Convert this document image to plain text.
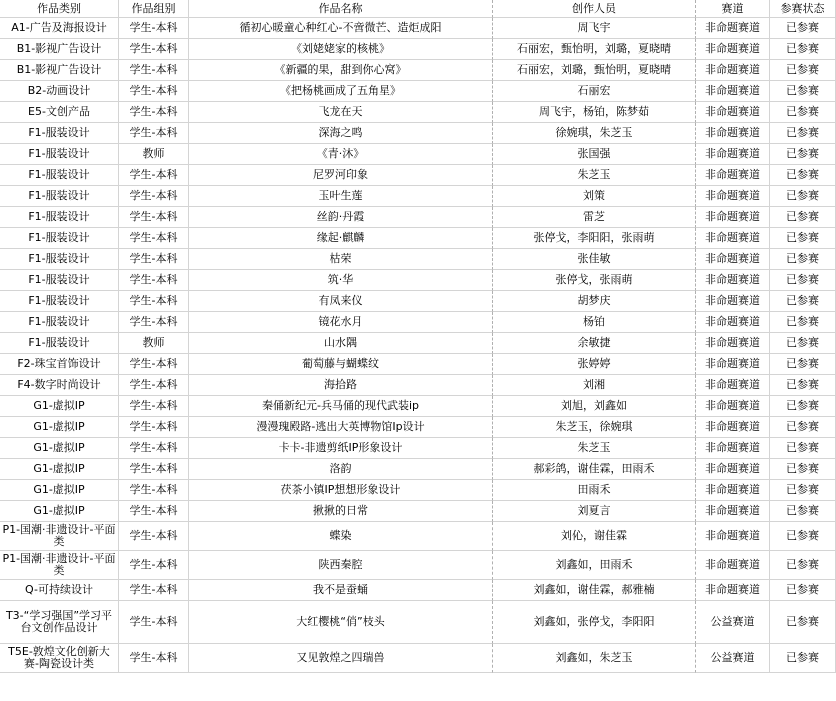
作品类别	作品组别	作品名称	创作人员	赛道	参赛状态
A1-广告及海报设计	学生-本科	循初心暖童心种红心-不啻微芒、造炬成阳	周飞宇	非命题赛道	已参赛
B1-影视广告设计	学生-本科	《刘姥姥家的核桃》	石丽宏，甄怡明，刘璐，夏晓晴	非命题赛道	已参赛
B1-影视广告设计	学生-本科	《新疆的果，甜到你心窝》	石丽宏，刘璐，甄怡明，夏晓晴	非命题赛道	已参赛
B2-动画设计	学生-本科	《把杨桃画成了五角星》	石丽宏	非命题赛道	已参赛
E5-文创产品	学生-本科	飞龙在天	周飞宇，杨铂，陈梦茹	非命题赛道	已参赛
F1-服装设计	学生-本科	深海之鸣	徐婉琪，朱芝玉	非命题赛道	已参赛
F1-服装设计	教师	《青·沐》	张国强	非命题赛道	已参赛
F1-服装设计	学生-本科	尼罗河印象	朱芝玉	非命题赛道	已参赛
F1-服装设计	学生-本科	玉叶生莲	刘策	非命题赛道	已参赛
F1-服装设计	学生-本科	丝韵·丹霞	雷芝	非命题赛道	已参赛
F1-服装设计	学生-本科	缘起·麒麟	张停戈，李阳阳，张雨萌	非命题赛道	已参赛
F1-服装设计	学生-本科	枯荣	张佳敏	非命题赛道	已参赛
F1-服装设计	学生-本科	筑·华	张停戈，张雨萌	非命题赛道	已参赛
F1-服装设计	学生-本科	有凤来仪	胡梦庆	非命题赛道	已参赛
F1-服装设计	学生-本科	镜花水月	杨铂	非命题赛道	已参赛
F1-服装设计	教师	山水隅	余敏捷	非命题赛道	已参赛
F2-珠宝首饰设计	学生-本科	葡萄藤与蝴蝶纹	张婷婷	非命题赛道	已参赛
F4-数字时尚设计	学生-本科	海拾路	刘湘	非命题赛道	已参赛
G1-虚拟IP	学生-本科	秦俑新纪元-兵马俑的现代武装ip	刘旭，刘鑫如	非命题赛道	已参赛
G1-虚拟IP	学生-本科	漫漫瑰殿路-逃出大英博物馆Ip设计	朱芝玉，徐婉琪	非命题赛道	已参赛
G1-虚拟IP	学生-本科	卡卡-非遗剪纸IP形象设计	朱芝玉	非命题赛道	已参赛
G1-虚拟IP	学生-本科	洛韵	郝彩鸽，谢佳霖，田雨禾	非命题赛道	已参赛
G1-虚拟IP	学生-本科	茯茶小镇IP想想形象设计	田雨禾	非命题赛道	已参赛
G1-虚拟IP	学生-本科	揪揪的日常	刘夏言	非命题赛道	已参赛
P1-国潮·非遗设计-平面类	学生-本科	蝶染	刘伈，谢佳霖	非命题赛道	已参赛
P1-国潮·非遗设计-平面类	学生-本科	陕西秦腔	刘鑫如，田雨禾	非命题赛道	已参赛
Q-可持续设计	学生-本科	我不是蚕蛹	刘鑫如，谢佳霖，郝雅楠	非命题赛道	已参赛
T3-“学习强国”学习平台文创作品设计	学生-本科	大红樱桃“俏”枝头	刘鑫如，张停戈，李阳阳	公益赛道	已参赛
T5E-敦煌文化创新大赛-陶瓷设计类	学生-本科	又见敦煌之四瑞兽	刘鑫如，朱芝玉	公益赛道	已参赛
